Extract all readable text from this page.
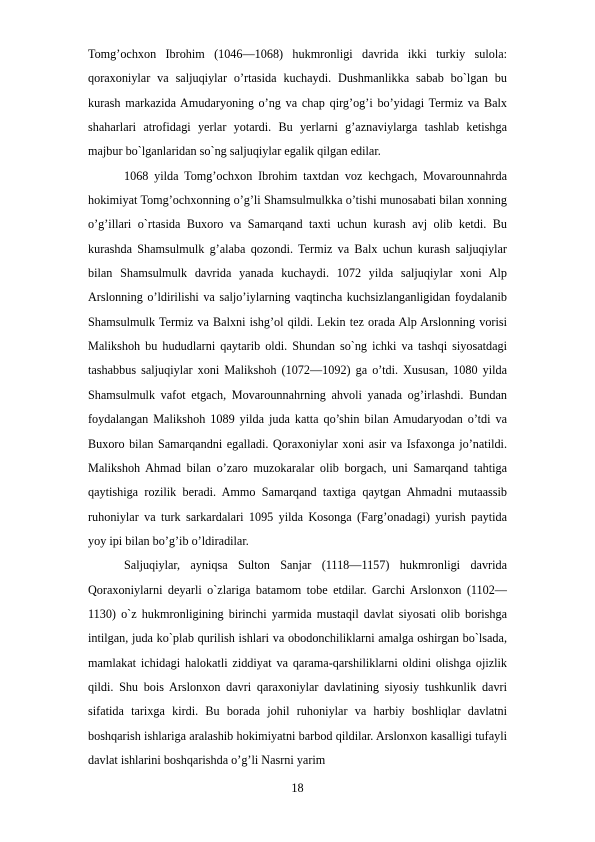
Tomg’ochxon Ibrohim (1046—1068) hukmronligi davrida ikki turkiy sulola: qoraxoniylar va saljuqiylar o’rtasida kuchaydi. Dushmanlikka sabab bo`lgan bu kurash markazida Amudaryoning o’ng va chap qirg’og’i bo’yidagi Termiz va Balx shaharlari atrofidagi yerlar yotardi. Bu yerlarni g’aznaviylarga tashlab ketishga majbur bo`lganlaridan so`ng saljuqiylar egalik qilgan edilar.

1068 yilda Tomg’ochxon Ibrohim taxtdan voz kechgach, Movarounnahrda hokimiyat Tomg’ochxonning o’g’li Shamsulmulkka o’tishi munosabati bilan xonning o’g’illari o`rtasida Buxoro va Samarqand taxti uchun kurash avj olib ketdi. Bu kurashda Shamsulmulk g’alaba qozondi. Termiz va Balx uchun kurash saljuqiylar bilan Shamsulmulk davrida yanada kuchaydi. 1072 yilda saljuqiylar xoni Alp Arslonning o’ldirilishi va saljo’iylarning vaqtincha kuchsizlanganligidan foydalanib Shamsulmulk Termiz va Balxni ishg’ol qildi. Lekin tez orada Alp Arslonning vorisi Malikshoh bu hududlarni qaytarib oldi. Shundan so`ng ichki va tashqi siyosatdagi tashabbus saljuqiylar xoni Malikshoh (1072—1092) ga o’tdi. Xususan, 1080 yilda Shamsulmulk vafot etgach, Movarounnahrning ahvoli yanada og’irlashdi. Bundan foydalangan Malikshoh 1089 yilda juda katta qo’shin bilan Amudaryodan o’tdi va Buxoro bilan Samarqandni egalladi. Qoraxoniylar xoni asir va Isfaxonga jo’natildi. Malikshoh Ahmad bilan o’zaro muzokaralar olib borgach, uni Samarqand tahtiga qaytishiga rozilik beradi. Ammo Samarqand taxtiga qaytgan Ahmadni mutaassib ruhoniylar va turk sarkardalari 1095 yilda Kosonga (Farg’onadagi) yurish paytida yoy ipi bilan bo’g’ib o’ldiradilar.

Saljuqiylar, ayniqsa Sulton Sanjar (1118—1157) hukmronligi davrida Qoraxoniylarni deyarli o`zlariga batamom tobe etdilar. Garchi Arslonxon (1102—1130) o`z hukmronligining birinchi yarmida mustaqil davlat siyosati olib borishga intilgan, juda ko`plab qurilish ishlari va obodonchiliklarni amalga oshirgan bo`lsada, mamlakat ichidagi halokatli ziddiyat va qarama-qarshiliklarni oldini olishga ojizlik qildi. Shu bois Arslonxon davri qaraxoniylar davlatining siyosiy tushkunlik davri sifatida tarixga kirdi. Bu borada johil ruhoniylar va harbiy boshliqlar davlatni boshqarish ishlariga aralashib hokimiyatni barbod qildilar. Arslonxon kasalligi tufayli davlat ishlarini boshqarishda o’g’li Nasrni yarim

18
